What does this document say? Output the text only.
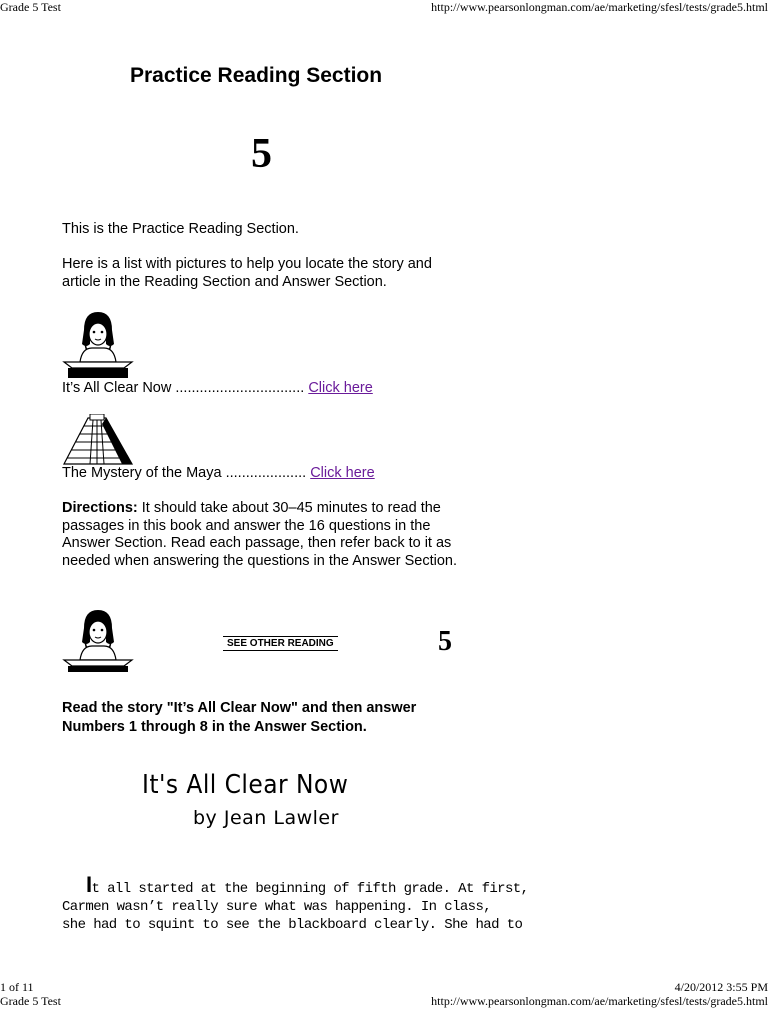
Grade 5 Test	http://www.pearsonlongman.com/ae/marketing/sfesl/tests/grade5.html
Practice Reading Section
5
This is the Practice Reading Section.
Here is a list with pictures to help you locate the story and article in the Reading Section and Answer Section.
It’s All Clear Now ................................ Click here
The Mystery of the Maya .................... Click here
Directions: It should take about 30–45 minutes to read the passages in this book and answer the 16 questions in the Answer Section. Read each passage, then refer back to it as needed when answering the questions in the Answer Section.
SEE OTHER READING	5
Read the story "It’s All Clear Now" and then answer Numbers 1 through 8 in the Answer Section.
It's All Clear Now
by Jean Lawler
It all started at the beginning of fifth grade. At first,
Carmen wasn’t really sure what was happening. In class,
she had to squint to see the blackboard clearly. She had to
1 of 11	4/20/2012 3:55 PM
Grade 5 Test	http://www.pearsonlongman.com/ae/marketing/sfesl/tests/grade5.html
